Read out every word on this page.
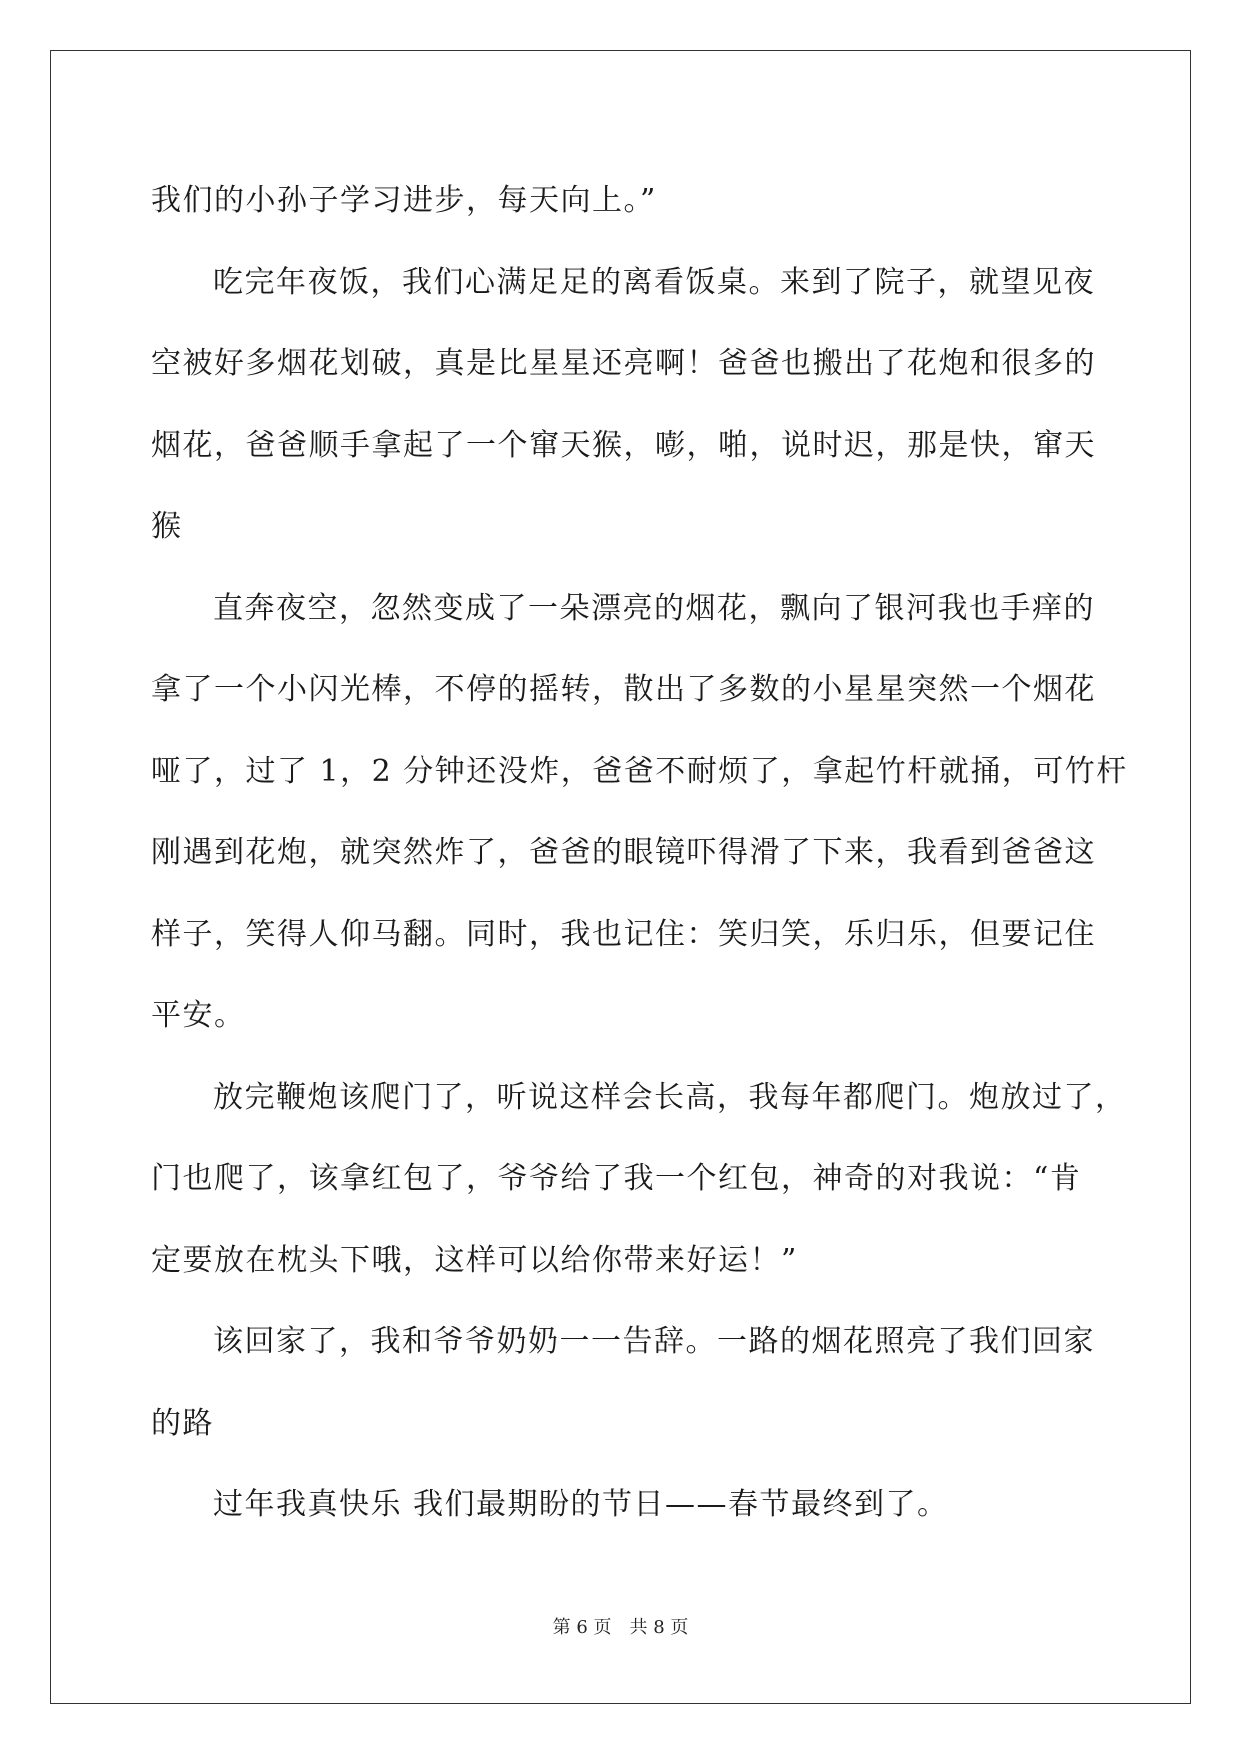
我们的小孙子学习进步，每天向上。”

吃完年夜饭，我们心满足足的离看饭桌。来到了院子，就望见夜

空被好多烟花划破，真是比星星还亮啊！爸爸也搬出了花炮和很多的

烟花，爸爸顺手拿起了一个窜天猴，嘭，啪，说时迟，那是快，窜天

猴

直奔夜空，忽然变成了一朵漂亮的烟花，飘向了银河我也手痒的

拿了一个小闪光棒，不停的摇转，散出了多数的小星星突然一个烟花

哑了，过了 1，2 分钟还没炸，爸爸不耐烦了，拿起竹杆就捅，可竹杆

刚遇到花炮，就突然炸了，爸爸的眼镜吓得滑了下来，我看到爸爸这

样子，笑得人仰马翻。同时，我也记住：笑归笑，乐归乐，但要记住

平安。

放完鞭炮该爬门了，听说这样会长高，我每年都爬门。炮放过了，

门也爬了，该拿红包了，爷爷给了我一个红包，神奇的对我说：“肯

定要放在枕头下哦，这样可以给你带来好运！”

该回家了，我和爷爷奶奶一一告辞。一路的烟花照亮了我们回家

的路

过年我真快乐 我们最期盼的节日——春节最终到了。

第 6 页 共 8 页
